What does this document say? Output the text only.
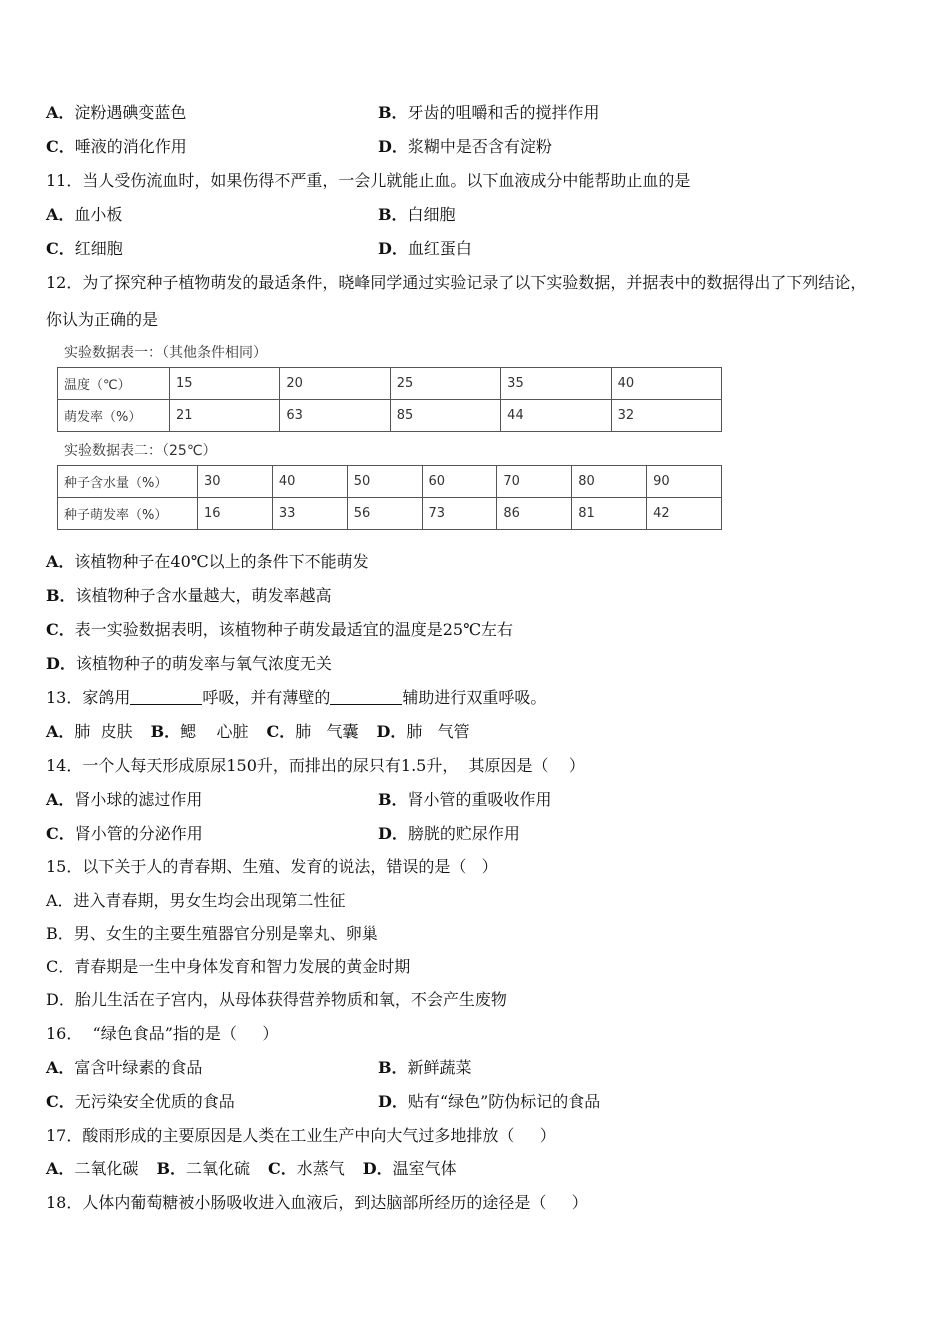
A．淀粉遇碘变蓝色	B．牙齿的咀嚼和舌的搅拌作用
C．唾液的消化作用	D．浆糊中是否含有淀粉
11．当人受伤流血时，如果伤得不严重，一会儿就能止血。以下血液成分中能帮助止血的是
A．血小板	B．白细胞
C．红细胞	D．血红蛋白
12．为了探究种子植物萌发的最适条件，晓峰同学通过实验记录了以下实验数据，并据表中的数据得出了下列结论，
你认为正确的是
实验数据表一：（其他条件相同）
温度（℃）	15	20	25	35	40
萌发率（%）	21	63	85	44	32
实验数据表二：（25℃）
种子含水量（%）	30	40	50	60	70	80	90
种子萌发率（%）	16	33	56	73	86	81	42
A．该植物种子在40℃以上的条件下不能萌发
B．该植物种子含水量越大，萌发率越高
C．表一实验数据表明，该植物种子萌发最适宜的温度是25℃左右
D．该植物种子的萌发率与氧气浓度无关
13．家鸽用	呼吸，并有薄壁的	辅助进行双重呼吸。
A．肺  皮肤 B．鳃    心脏 C．肺   气囊 D．肺   气管
14．一个人每天形成原尿150升，而排出的尿只有1.5升，  其原因是（    ）
A．肾小球的滤过作用	B．肾小管的重吸收作用
C．肾小管的分泌作用	D．膀胱的贮尿作用
15．以下关于人的青春期、生殖、发育的说法，错误的是（   ）
A．进入青春期，男女生均会出现第二性征
B．男、女生的主要生殖器官分别是睾丸、卵巢
C．青春期是一生中身体发育和智力发展的黄金时期
D．胎儿生活在子宫内，从母体获得营养物质和氧，不会产生废物
16．  “绿色食品”指的是（     ）
A．富含叶绿素的食品	B．新鲜蔬菜
C．无污染安全优质的食品	D．贴有“绿色”防伪标记的食品
17．酸雨形成的主要原因是人类在工业生产中向大气过多地排放（     ）
A．二氧化碳 B．二氧化硫 C．水蒸气 D．温室气体
18．人体内葡萄糖被小肠吸收进入血液后，到达脑部所经历的途径是（     ）
